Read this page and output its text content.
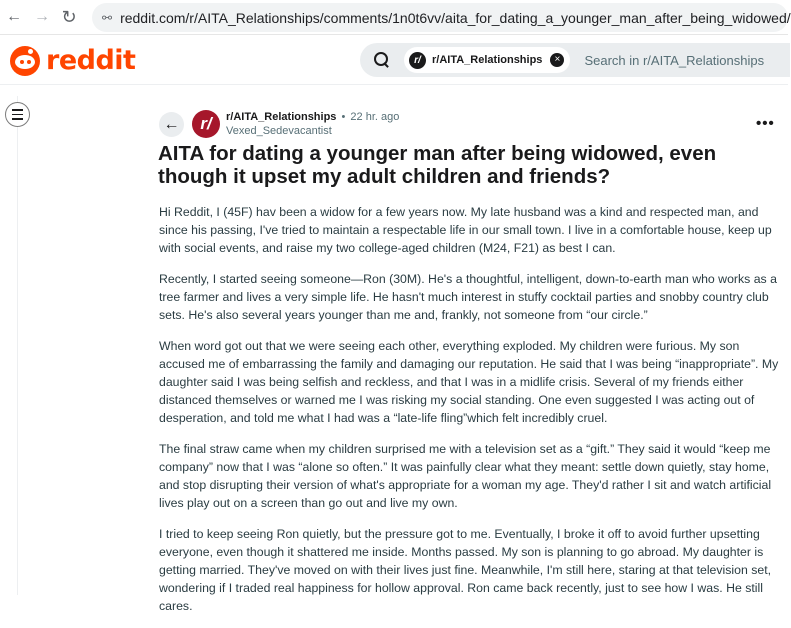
← → ↻ ⚯ reddit.com/r/AITA_Relationships/comments/1n0t6vv/aita_for_dating_a_younger_man_after_being_widowed/
reddit	r/	r/AITA_Relationships	×	Search in r/AITA_Relationships
←	r/	r/AITA_Relationships • 22 hr. ago
Vexed_Sedevacantist	•••
AITA for dating a younger man after being widowed, even though it upset my adult children and friends?

Hi Reddit, I (45F) hav been a widow for a few years now. My late husband was a kind and respected man, and since his passing, I've tried to maintain a respectable life in our small town. I live in a comfortable house, keep up with social events, and raise my two college-aged children (M24, F21) as best I can.

Recently, I started seeing someone—Ron (30M). He's a thoughtful, intelligent, down-to-earth man who works as a tree farmer and lives a very simple life. He hasn't much interest in stuffy cocktail parties and snobby country club sets. He's also several years younger than me and, frankly, not someone from “our circle.”

When word got out that we were seeing each other, everything exploded. My children were furious. My son accused me of embarrassing the family and damaging our reputation. He said that I was being “inappropriate”. My daughter said I was being selfish and reckless, and that I was in a midlife crisis. Several of my friends either distanced themselves or warned me I was risking my social standing. One even suggested I was acting out of desperation, and told me what I had was a “late-life fling”which felt incredibly cruel.

The final straw came when my children surprised me with a television set as a “gift.” They said it would “keep me company” now that I was “alone so often.” It was painfully clear what they meant: settle down quietly, stay home, and stop disrupting their version of what's appropriate for a woman my age. They'd rather I sit and watch artificial lives play out on a screen than go out and live my own.

I tried to keep seeing Ron quietly, but the pressure got to me. Eventually, I broke it off to avoid further upsetting everyone, even though it shattered me inside. Months passed. My son is planning to go abroad. My daughter is getting married. They've moved on with their lives just fine. Meanwhile, I'm still here, staring at that television set, wondering if I traded real happiness for hollow approval. Ron came back recently, just to see how I was. He still cares.
